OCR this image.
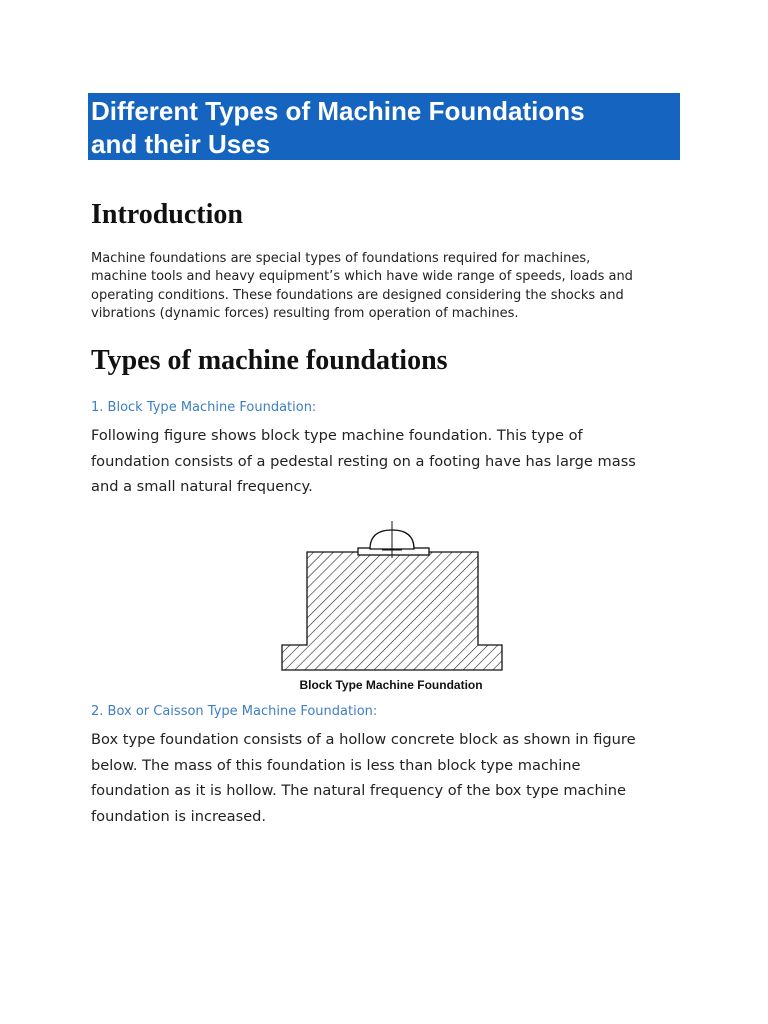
Different Types of Machine Foundations
and their Uses
Introduction

Machine foundations are special types of foundations required for machines,
machine tools and heavy equipment’s which have wide range of speeds, loads and
operating conditions. These foundations are designed considering the shocks and
vibrations (dynamic forces) resulting from operation of machines.

Types of machine foundations

1. Block Type Machine Foundation:

Following figure shows block type machine foundation. This type of
foundation consists of a pedestal resting on a footing have has large mass
and a small natural frequency.

Block Type Machine Foundation

2. Box or Caisson Type Machine Foundation:

Box type foundation consists of a hollow concrete block as shown in figure
below. The mass of this foundation is less than block type machine
foundation as it is hollow. The natural frequency of the box type machine
foundation is increased.
